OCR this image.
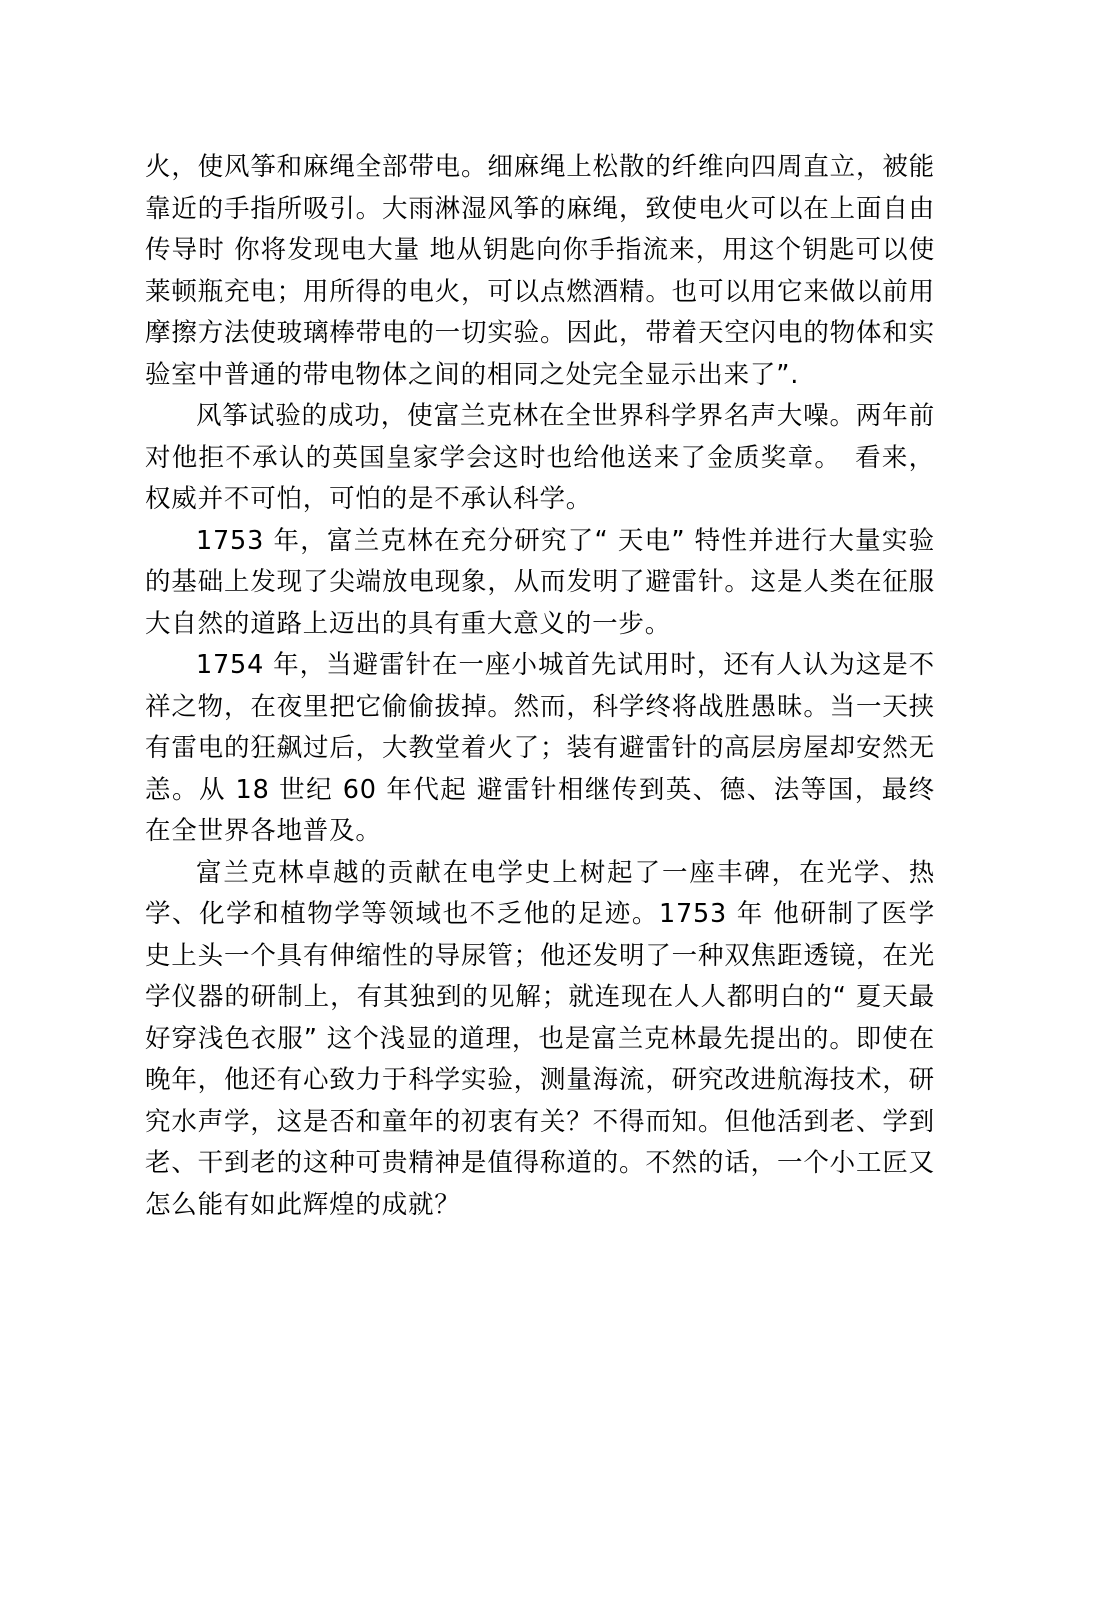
火，使风筝和麻绳全部带电。细麻绳上松散的纤维向四周直立，被能靠近的手指所吸引。大雨淋湿风筝的麻绳，致使电火可以在上面自由传导时 你将发现电大量 地从钥匙向你手指流来，用这个钥匙可以使莱顿瓶充电；用所得的电火，可以点燃酒精。也可以用它来做以前用摩擦方法使玻璃棒带电的一切实验。因此，带着天空闪电的物体和实验室中普通的带电物体之间的相同之处完全显示出来了”.

风筝试验的成功，使富兰克林在全世界科学界名声大噪。两年前对他拒不承认的英国皇家学会这时也给他送来了金质奖章。　看来，权威并不可怕，可怕的是不承认科学。

1753 年，富兰克林在充分研究了“ 天电” 特性并进行大量实验的基础上发现了尖端放电现象，从而发明了避雷针。这是人类在征服大自然的道路上迈出的具有重大意义的一步。

1754 年，当避雷针在一座小城首先试用时，还有人认为这是不祥之物，在夜里把它偷偷拔掉。然而，科学终将战胜愚昧。当一天挟有雷电的狂飙过后，大教堂着火了；装有避雷针的高层房屋却安然无恙。从 18 世纪 60 年代起 避雷针相继传到英、德、法等国，最终在全世界各地普及。

富兰克林卓越的贡献在电学史上树起了一座丰碑，在光学、热学、化学和植物学等领域也不乏他的足迹。1753 年 他研制了医学史上头一个具有伸缩性的导尿管；他还发明了一种双焦距透镜，在光学仪器的研制上，有其独到的见解；就连现在人人都明白的“ 夏天最好穿浅色衣服” 这个浅显的道理，也是富兰克林最先提出的。即使在晚年，他还有心致力于科学实验，测量海流，研究改进航海技术，研究水声学，这是否和童年的初衷有关？不得而知。但他活到老、学到老、干到老的这种可贵精神是值得称道的。不然的话，一个小工匠又怎么能有如此辉煌的成就？
